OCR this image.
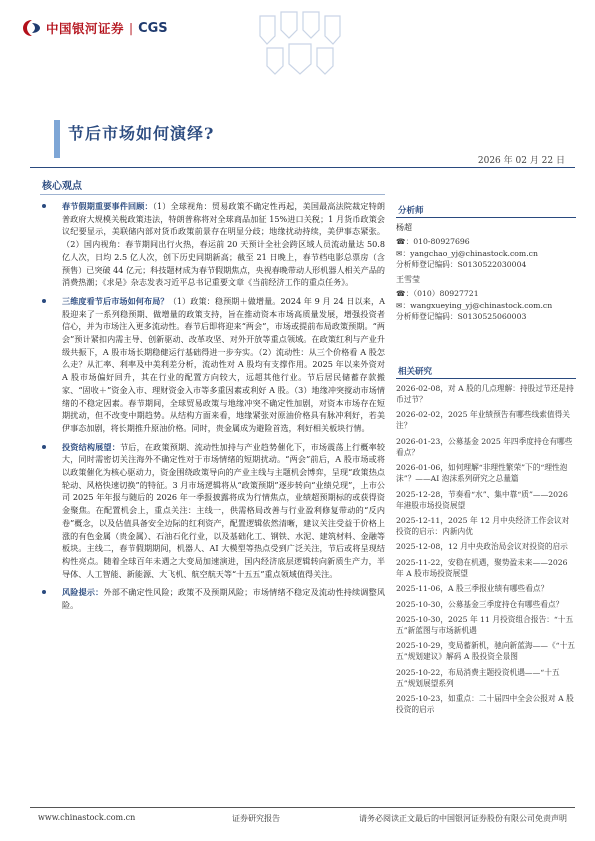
中国银河证券 | CGS
节后市场如何演绎?
2026 年 02 月 22 日
核心观点
春节假期重要事件回顾：（1）全球视角：贸易政策不确定性再起，美国最高法院裁定特朗普政府大规模关税政策违法，特朗普称将对全球商品加征 15%进口关税；1 月货币政策会议纪要显示，美联储内部对货币政策前景存在明显分歧；地缘扰动持续，美伊事态紧张。（2）国内视角：春节期间出行火热，春运前 20 天预计全社会跨区域人员流动量达 50.8 亿人次，日均 2.5 亿人次，创下历史同期新高；截至 21 日晚上，春节档电影总票房（含预售）已突破 44 亿元；科技题材成为春节假期焦点，央视春晚带动人形机器人相关产品的消费热潮；《求是》杂志发表习近平总书记重要文章《当前经济工作的重点任务》。
三维度看节后市场如何布局？（1）政策：稳预期＋做增量。2024 年 9 月 24 日以来，A 股迎来了一系列稳预期、做增量的政策支持，旨在推动资本市场高质量发展，增强投资者信心，并为市场注入更多流动性。春节后即将迎来“两会”，市场或提前布局政策预期。“两会”预计紧扣内需主导、创新驱动、改革攻坚、对外开放等重点领域。在政策红利与产业升级共振下，A 股市场长期稳健运行基础得进一步夯实。（2）流动性：从三个价格看 A 股怎么走？从汇率、利率及中美利差分析，流动性对 A 股均有支撑作用。2025 年以来外资对 A 股市场偏好回升，其在行业的配置方向较大，远超其他行业。节后居民储蓄存款搬家、“固收＋”资金入市、理财资金入市等多重因素或利好 A 股。（3）地缘冲突搅动市场情绪的不稳定因素。春节期间，全球贸易政策与地缘冲突不确定性加剧，对资本市场存在短期扰动，但不改变中期趋势。从结构方面来看，地缘紧张对原油价格具有脉冲利好，若美伊事态加剧，将长期推升原油价格。同时，贵金属成为避险首选，利好相关板块行情。
投资结构展望：节后，在政策预期、流动性加持与产业趋势催化下，市场震荡上行概率较大，同时需密切关注海外不确定性对于市场情绪的短期扰动。“两会”前后，A 股市场或将以政策催化为核心驱动力，资金围绕政策导向的产业主线与主题机会博弈，呈现“政策热点轮动、风格快速切换”的特征。3 月市场逻辑将从“政策预期”逐步转向“业绩兑现”，上市公司 2025 年年报与随后的 2026 年一季报披露将成为行情焦点，业绩超预期标的或获得资金聚焦。在配置机会上，重点关注：主线一，供需格局改善与行业盈利修复带动的“反内卷”概念，以及估值具备安全边际的红利资产，配置逻辑依然清晰，建议关注受益于价格上涨的有色金属（贵金属）、石油石化行业，以及基础化工、钢铁、水泥、建筑材料、金融等板块。主线二，春节假期期间，机器人、AI 大模型等热点受到广泛关注，节后或将呈现结构性亮点。随着全球百年未遇之大变局加速演进，国内经济底层逻辑转向新质生产力，半导体、人工智能、新能源、大飞机、航空航天等“十五五”重点领域值得关注。
风险提示：外部不确定性风险；政策不及预期风险；市场情绪不稳定及流动性持续调整风险。
分析师
杨超
☎：010-80927696
✉：yangchao_yj@chinastock.com.cn
分析师登记编码：S0130522030004
王雪莹
☎：（010）80927721
✉：wangxueying_yj@chinastock.com.cn
分析师登记编码：S0130525060003
相关研究
2026-02-08，对 A 股的几点理解：持股过节还是持币过节？
2026-02-02，2025 年业绩预告有哪些线索值得关注？
2026-01-23，公募基金 2025 年四季度持仓有哪些看点？
2026-01-06，如何理解“非理性繁荣”下的“理性泡沫”？——AI 泡沫系列研究之总量篇
2025-12-28，节奏看“水”、集中靠“质”——2026 年港股市场投资展望
2025-12-11，2025 年 12 月中央经济工作会议对投资的启示：内新内优
2025-12-08，12 月中央政治局会议对投资的启示
2025-11-22，安稳在机遇，聚势盈未来——2026 年 A 股市场投资展望
2025-11-06，A 股三季报业绩有哪些看点？
2025-10-30，公募基金三季度持仓有哪些看点？
2025-10-30，2025 年 11 月投资组合报告：“十五五”新蓝图与市场新机遇
2025-10-29，变局蓄新机，驰向新蓝海——《“十五五”规划建议》解码 A 股投资全景图
2025-10-22，布局消费主题投资机遇——“十五五”规划展望系列
2025-10-23，如重点：二十届四中全会公报对 A 股投资的启示
www.chinastock.com.cn	证券研究报告	请务必阅读正文最后的中国银河证券股份有限公司免责声明
